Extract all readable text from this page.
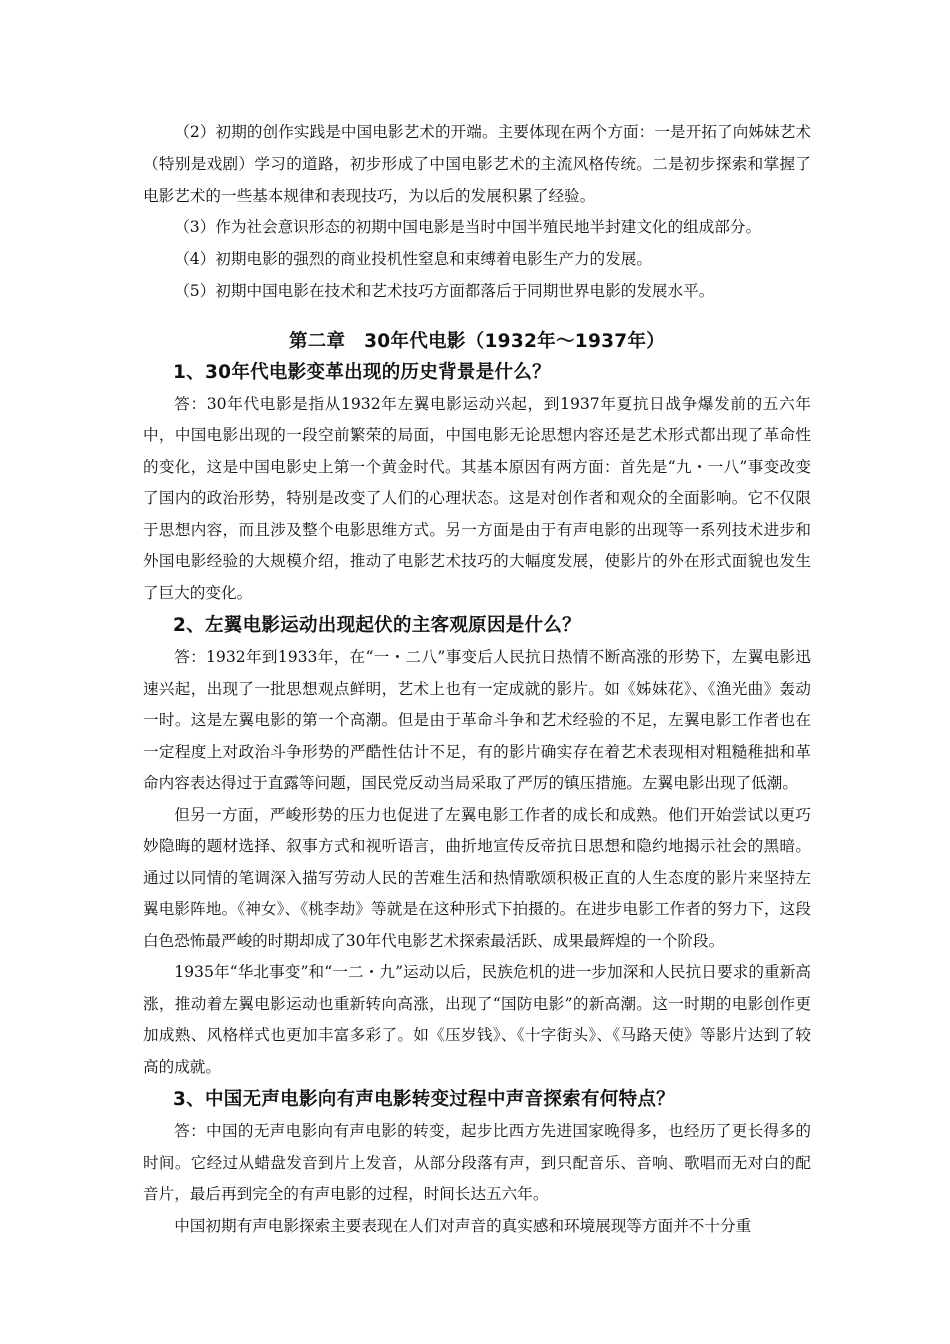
（2）初期的创作实践是中国电影艺术的开端。主要体现在两个方面：一是开拓了向姊妹艺术（特别是戏剧）学习的道路，初步形成了中国电影艺术的主流风格传统。二是初步探索和掌握了电影艺术的一些基本规律和表现技巧，为以后的发展积累了经验。

（3）作为社会意识形态的初期中国电影是当时中国半殖民地半封建文化的组成部分。

（4）初期电影的强烈的商业投机性窒息和束缚着电影生产力的发展。

（5）初期中国电影在技术和艺术技巧方面都落后于同期世界电影的发展水平。

第二章　30年代电影（1932年～1937年）
1、30年代电影变革出现的历史背景是什么？

答：30年代电影是指从1932年左翼电影运动兴起，到1937年夏抗日战争爆发前的五六年中，中国电影出现的一段空前繁荣的局面，中国电影无论思想内容还是艺术形式都出现了革命性的变化，这是中国电影史上第一个黄金时代。其基本原因有两方面：首先是“九・一八”事变改变了国内的政治形势，特别是改变了人们的心理状态。这是对创作者和观众的全面影响。它不仅限于思想内容，而且涉及整个电影思维方式。另一方面是由于有声电影的出现等一系列技术进步和外国电影经验的大规模介绍，推动了电影艺术技巧的大幅度发展，使影片的外在形式面貌也发生了巨大的变化。

2、左翼电影运动出现起伏的主客观原因是什么？

答：1932年到1933年，在“一・二八”事变后人民抗日热情不断高涨的形势下，左翼电影迅速兴起，出现了一批思想观点鲜明，艺术上也有一定成就的影片。如《姊妹花》、《渔光曲》轰动一时。这是左翼电影的第一个高潮。但是由于革命斗争和艺术经验的不足，左翼电影工作者也在一定程度上对政治斗争形势的严酷性估计不足，有的影片确实存在着艺术表现相对粗糙稚拙和革命内容表达得过于直露等问题，国民党反动当局采取了严厉的镇压措施。左翼电影出现了低潮。

但另一方面，严峻形势的压力也促进了左翼电影工作者的成长和成熟。他们开始尝试以更巧妙隐晦的题材选择、叙事方式和视听语言，曲折地宣传反帝抗日思想和隐约地揭示社会的黑暗。通过以同情的笔调深入描写劳动人民的苦难生活和热情歌颂积极正直的人生态度的影片来坚持左翼电影阵地。《神女》、《桃李劫》等就是在这种形式下拍摄的。在进步电影工作者的努力下，这段白色恐怖最严峻的时期却成了30年代电影艺术探索最活跃、成果最辉煌的一个阶段。

1935年“华北事变”和“一二・九”运动以后，民族危机的进一步加深和人民抗日要求的重新高涨，推动着左翼电影运动也重新转向高涨，出现了“国防电影”的新高潮。这一时期的电影创作更加成熟、风格样式也更加丰富多彩了。如《压岁钱》、《十字街头》、《马路天使》等影片达到了较高的成就。

3、中国无声电影向有声电影转变过程中声音探索有何特点？

答：中国的无声电影向有声电影的转变，起步比西方先进国家晚得多，也经历了更长得多的时间。它经过从蜡盘发音到片上发音，从部分段落有声，到只配音乐、音响、歌唱而无对白的配音片，最后再到完全的有声电影的过程，时间长达五六年。

中国初期有声电影探索主要表现在人们对声音的真实感和环境展现等方面并不十分重
